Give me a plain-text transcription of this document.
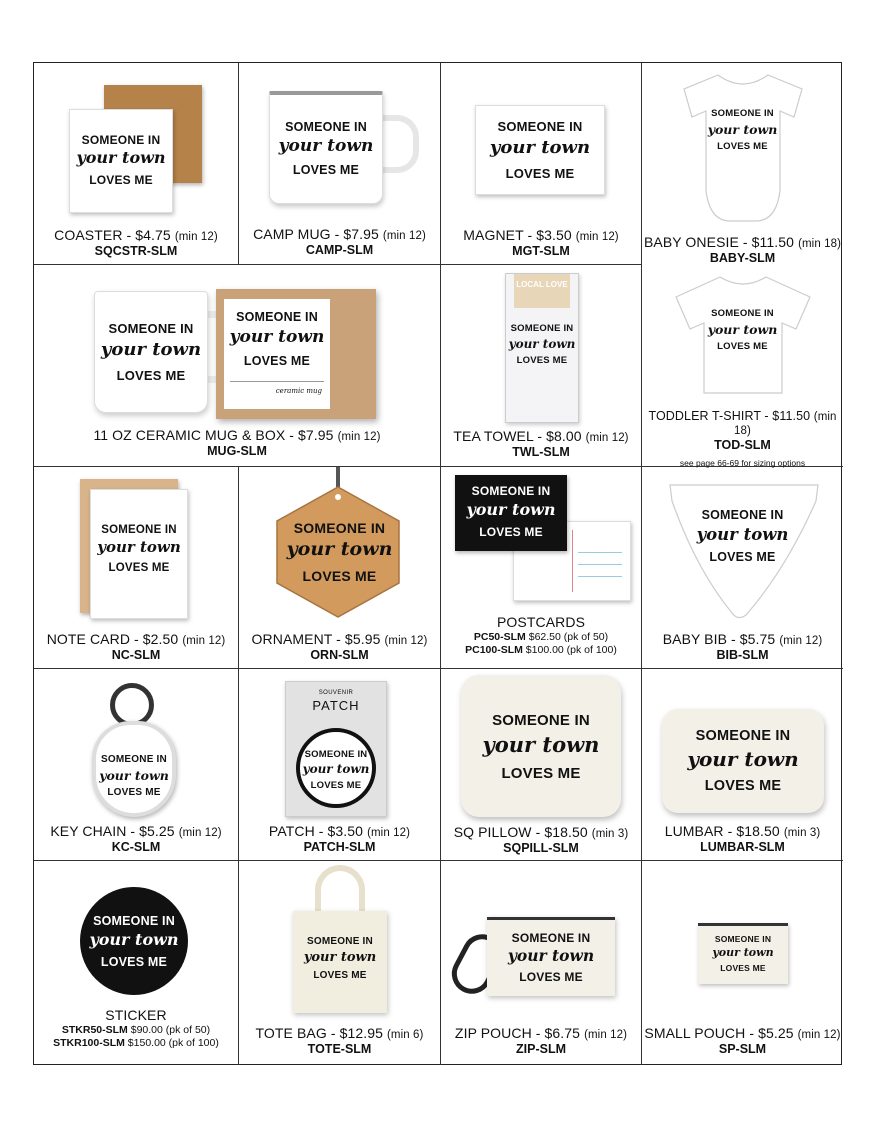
SOMEONE IN
your town
LOVES ME
COASTER - $4.75 (min 12)
SQCSTR-SLM
SOMEONE IN
your town
LOVES ME
CAMP MUG - $7.95 (min 12)
CAMP-SLM
SOMEONE IN
your town
LOVES ME
MAGNET - $3.50 (min 12)
MGT-SLM
SOMEONE IN
your town
LOVES ME
BABY ONESIE - $11.50 (min 18)
BABY-SLM
SOMEONE IN
your town
LOVES ME
SOMEONE IN
your town
LOVES ME
ceramic mug
11 OZ CERAMIC MUG & BOX - $7.95 (min 12)
MUG-SLM
LOCAL LOVE
SOMEONE IN
your town
LOVES ME
TEA TOWEL - $8.00 (min 12)
TWL-SLM
SOMEONE IN
your town
LOVES ME
TODDLER T-SHIRT - $11.50 (min 18)
TOD-SLM
see page 66-69 for sizing options
SOMEONE IN
your town
LOVES ME
NOTE CARD - $2.50 (min 12)
NC-SLM
SOMEONE IN
your town
LOVES ME
ORNAMENT - $5.95 (min 12)
ORN-SLM
SOMEONE IN
your town
LOVES ME
POSTCARDS
PC50-SLM $62.50 (pk of 50)
PC100-SLM $100.00 (pk of 100)
SOMEONE IN
your town
LOVES ME
BABY BIB - $5.75 (min 12)
BIB-SLM
SOMEONE IN
your town
LOVES ME
KEY CHAIN - $5.25 (min 12)
KC-SLM
SOUVENIR
PATCH
SOMEONE IN
your town
LOVES ME
PATCH - $3.50 (min 12)
PATCH-SLM
SOMEONE IN
your town
LOVES ME
SQ PILLOW - $18.50 (min 3)
SQPILL-SLM
SOMEONE IN
your town
LOVES ME
LUMBAR - $18.50 (min 3)
LUMBAR-SLM
SOMEONE IN
your town
LOVES ME
STICKER
STKR50-SLM $90.00 (pk of 50)
STKR100-SLM $150.00 (pk of 100)
SOMEONE IN
your town
LOVES ME
TOTE BAG - $12.95 (min 6)
TOTE-SLM
SOMEONE IN
your town
LOVES ME
ZIP POUCH - $6.75 (min 12)
ZIP-SLM
SOMEONE IN
your town
LOVES ME
SMALL POUCH - $5.25 (min 12)
SP-SLM
